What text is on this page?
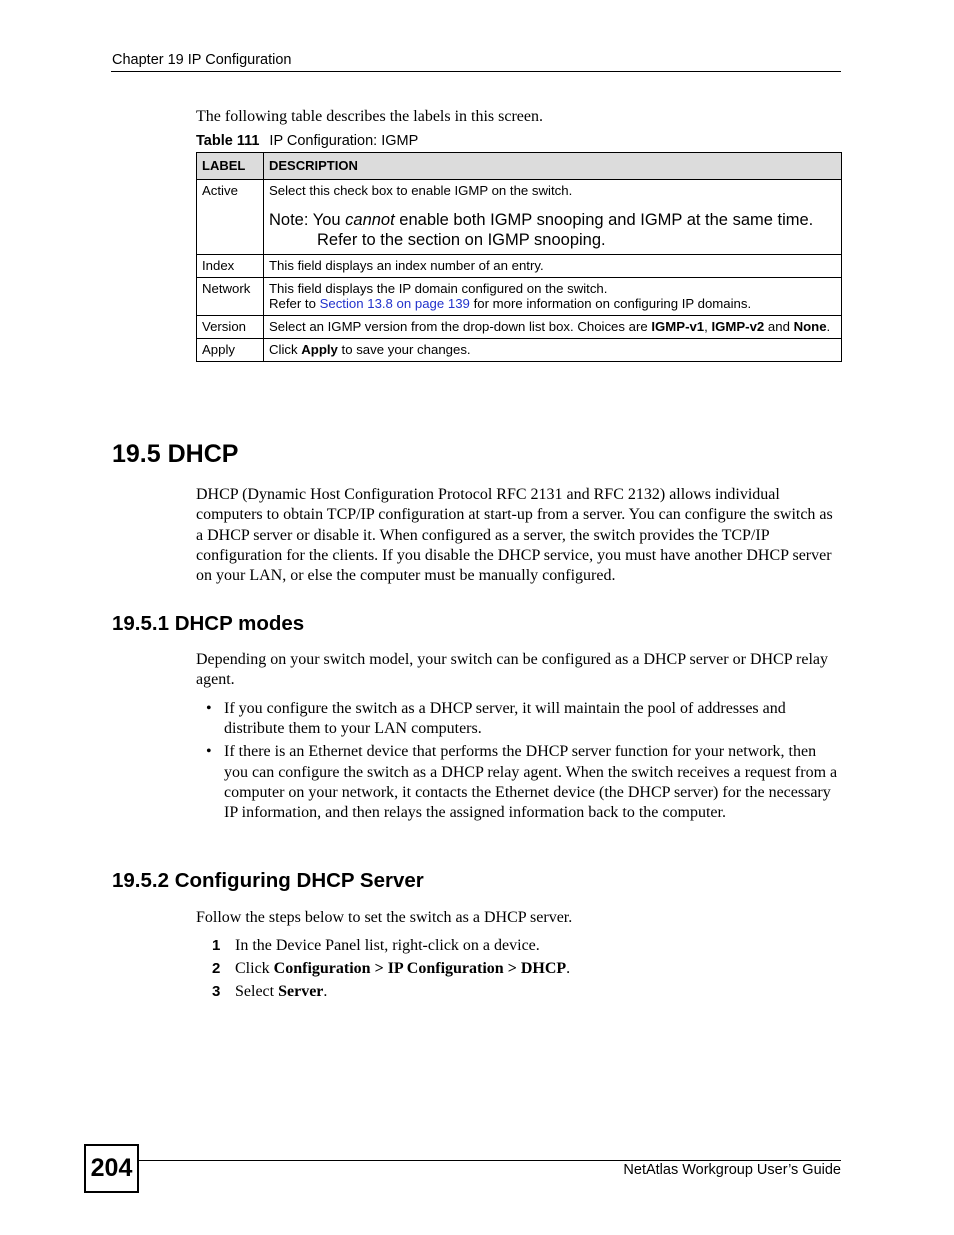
Chapter 19 IP Configuration
The following table describes the labels in this screen.
Table 111 IP Configuration: IGMP
LABEL	DESCRIPTION
Active	Select this check box to enable IGMP on the switch.
Note: You cannot enable both IGMP snooping and IGMP at the same time. Refer to the section on IGMP snooping.

Index	This field displays an index number of an entry.
Network	This field displays the IP domain configured on the switch.
Refer to Section 13.8 on page 139 for more information on configuring IP domains.

Version	Select an IGMP version from the drop-down list box. Choices are IGMP-v1, IGMP-v2 and None.
Apply	Click Apply to save your changes.
19.5 DHCP

DHCP (Dynamic Host Configuration Protocol RFC 2131 and RFC 2132) allows individual computers to obtain TCP/IP configuration at start-up from a server. You can configure the switch as a DHCP server or disable it. When configured as a server, the switch provides the TCP/IP configuration for the clients. If you disable the DHCP service, you must have another DHCP server on your LAN, or else the computer must be manually configured.

19.5.1 DHCP modes

Depending on your switch model, your switch can be configured as a DHCP server or DHCP relay agent.

• If you configure the switch as a DHCP server, it will maintain the pool of addresses and distribute them to your LAN computers.
• If there is an Ethernet device that performs the DHCP server function for your network, then you can configure the switch as a DHCP relay agent. When the switch receives a request from a computer on your network, it contacts the Ethernet device (the DHCP server) for the necessary IP information, and then relays the assigned information back to the computer.
19.5.2 Configuring DHCP Server

Follow the steps below to set the switch as a DHCP server.

1 In the Device Panel list, right-click on a device.
2 Click Configuration > IP Configuration > DHCP.
3 Select Server.
204	NetAtlas Workgroup User’s Guide
